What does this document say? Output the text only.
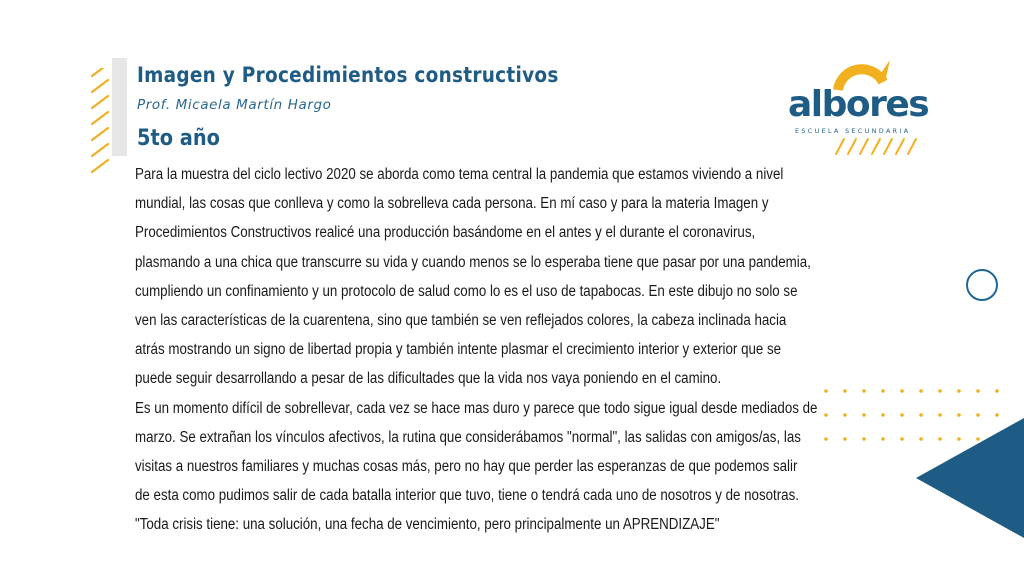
Imagen y Procedimientos constructivos
Prof. Micaela Martín Hargo
5to año
albores
ESCUELA SECUNDARIA

Para la muestra del ciclo lectivo 2020 se aborda como tema central la pandemia que estamos viviendo a nivel

mundial, las cosas que conlleva y como la sobrelleva cada persona. En mí caso y para la materia Imagen y

Procedimientos Constructivos realicé una producción basándome en el antes y el durante el coronavirus,

plasmando a una chica que transcurre su vida y cuando menos se lo esperaba tiene que pasar por una pandemia,

cumpliendo un confinamiento y un protocolo de salud como lo es el uso de tapabocas. En este dibujo no solo se

ven las características de la cuarentena, sino que también se ven reflejados colores, la cabeza inclinada hacia

atrás mostrando un signo de libertad propia y también intente plasmar el crecimiento interior y exterior que se

puede seguir desarrollando a pesar de las dificultades que la vida nos vaya poniendo en el camino.

Es un momento difícil de sobrellevar, cada vez se hace mas duro y parece que todo sigue igual desde mediados de

marzo. Se extrañan los vínculos afectivos, la rutina que considerábamos "normal", las salidas con amigos/as, las

visitas a nuestros familiares y muchas cosas más, pero no hay que perder las esperanzas de que podemos salir

de esta como pudimos salir de cada batalla interior que tuvo, tiene o tendrá cada uno de nosotros y de nosotras.

"Toda crisis tiene: una solución, una fecha de vencimiento, pero principalmente un APRENDIZAJE"
